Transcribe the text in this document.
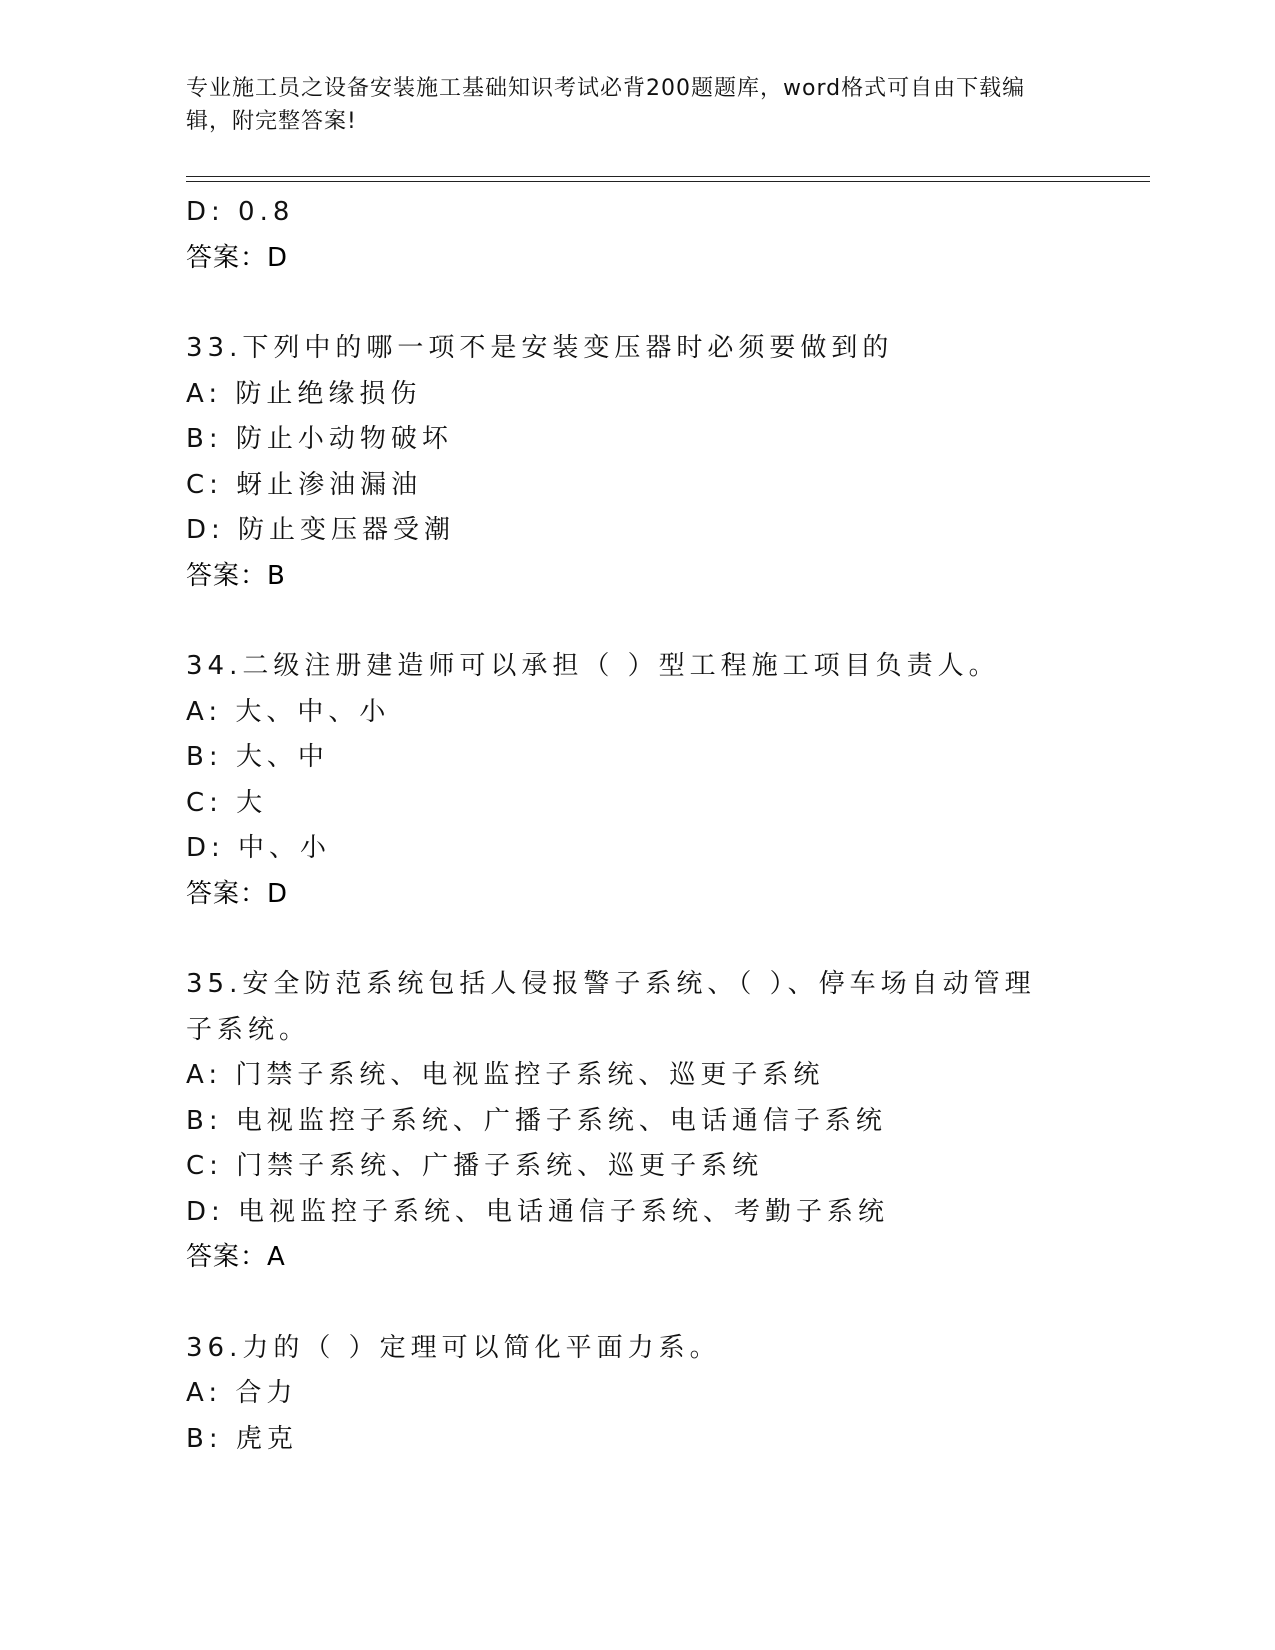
专业施工员之设备安装施工基础知识考试必背200题题库，word格式可自由下载编辑，附完整答案!
D: 0.8
答案：D
33.下列中的哪一项不是安装变压器时必须要做到的
A: 防止绝缘损伤
B: 防止小动物破坏
C: 蚜止渗油漏油
D: 防止变压器受潮
答案：B
34.二级注册建造师可以承担（ ）型工程施工项目负责人。
A: 大、中、小
B: 大、中
C: 大
D: 中、小
答案：D
35.安全防范系统包括人侵报警子系统、（ ）、停车场自动管理子系统。
A: 门禁子系统、电视监控子系统、巡更子系统
B: 电视监控子系统、广播子系统、电话通信子系统
C: 门禁子系统、广播子系统、巡更子系统
D: 电视监控子系统、电话通信子系统、考勤子系统
答案：A
36.力的（ ）定理可以简化平面力系。
A: 合力
B: 虎克
